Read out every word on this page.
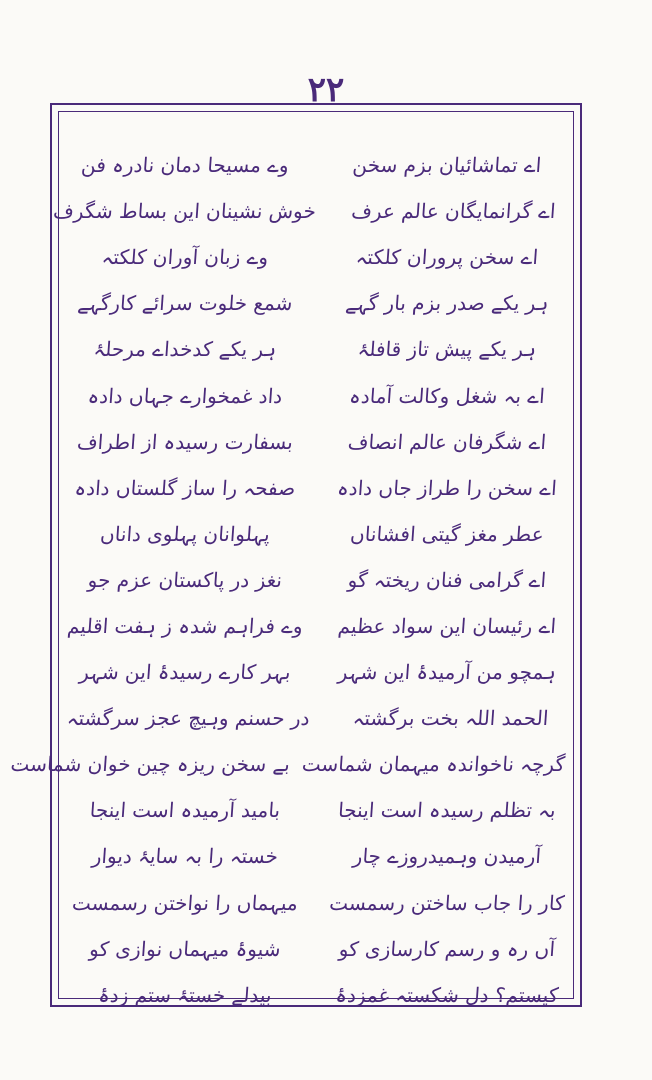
۲۲
اے تماشائیان بزم سخن
وے مسیحا دمان نادرہ فن
اے گرانمایگان عالم عرف
خوش نشینان این بساط شگرف
اے سخن پروران کلکتہ
وے زبان آوران کلکتہ
ہر یکے صدر بزم بار گہے
شمع خلوت سرائے کارگہے
ہر یکے پیش تاز قافلۂ
ہر یکے کدخداے مرحلۂ
اے بہ شغل وکالت آمادہ
داد غمخوارے جہاں دادہ
اے شگرفان عالم انصاف
بسفارت رسیدہ از اطراف
اے سخن را طراز جاں دادہ
صفحہ را ساز گلستاں دادہ
عطر مغز گیتی افشاناں
پہلوانان پہلوی داناں
اے گرامی فنان ریختہ گو
نغز در پاکستان عزم جو
اے رئیسان این سواد عظیم
وے فراہم شدہ ز ہفت اقلیم
ہمچو من آرمیدۂ این شہر
بہر کارے رسیدۂ این شہر
الحمد اللہ بخت برگشتہ
در حسنم وہیچ عجز سرگشتہ
گرچہ ناخواندہ میہمان شماست
بے سخن ریزہ چین خوان شماست
بہ تظلم رسیدہ است اینجا
بامید آرمیدہ است اینجا
آرمیدن وہمیدروزے چار
خستہ را بہ سایۂ دیوار
کار را جاب ساختن رسمست
میہماں را نواختن رسمست
آں رہ و رسم کارسازی کو
شیوۂ میہماں نوازی کو
کیستم؟ دل شکستہ غمزدۂ
بیدلے خستۂ ستم زدۂ
